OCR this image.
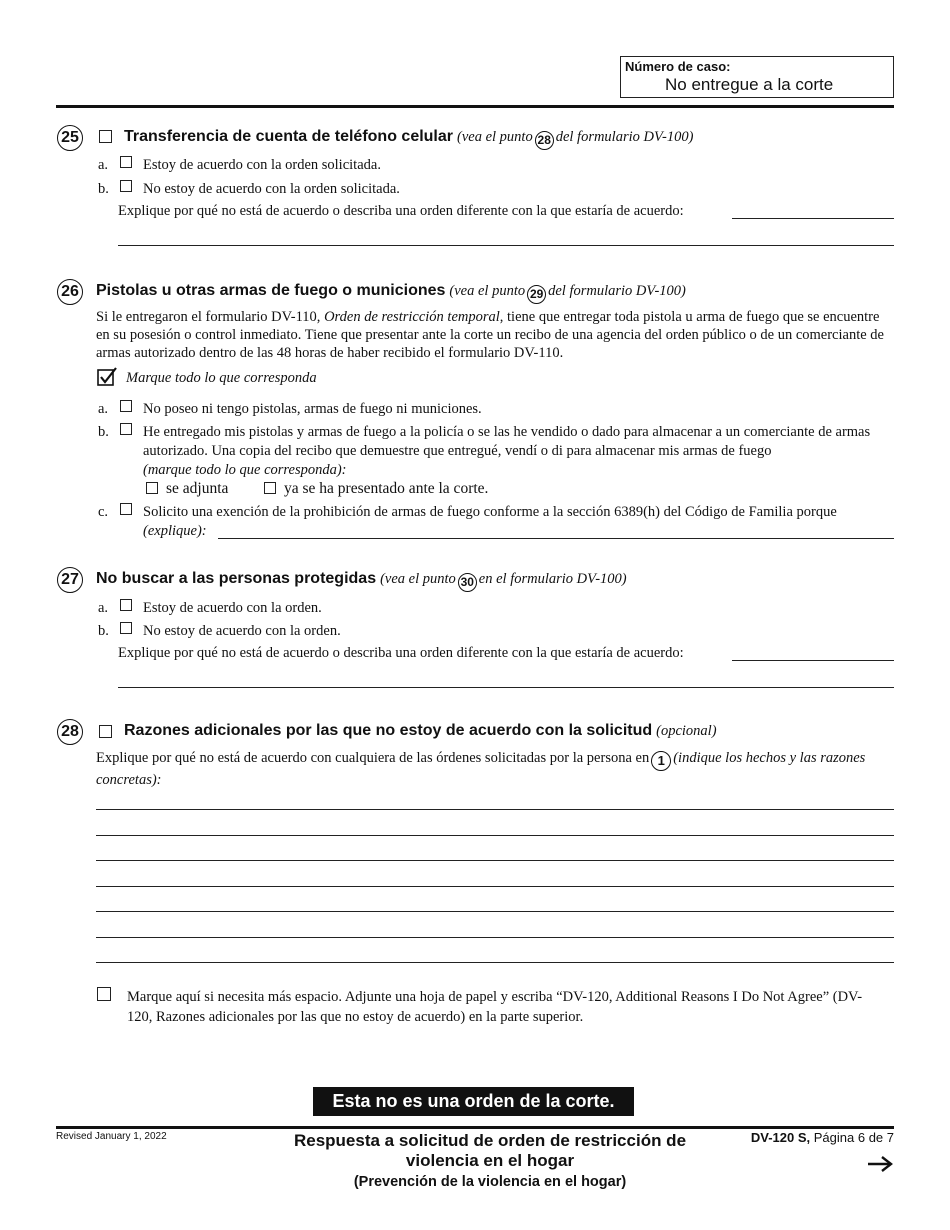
Número de caso:
No entregue a la corte
25	Transferencia de cuenta de teléfono celular (vea el punto 28 del formulario DV-100)
a. Estoy de acuerdo con la orden solicitada.
b. No estoy de acuerdo con la orden solicitada.
Explique por qué no está de acuerdo o describa una orden diferente con la que estaría de acuerdo:
26 Pistolas u otras armas de fuego o municiones (vea el punto 29 del formulario DV-100)
Si le entregaron el formulario DV-110, Orden de restricción temporal, tiene que entregar toda pistola u arma de fuego que se encuentre en su posesión o control inmediato. Tiene que presentar ante la corte un recibo de una agencia del orden público o de un comerciante de armas autorizado dentro de las 48 horas de haber recibido el formulario DV-110.
Marque todo lo que corresponda
a. No poseo ni tengo pistolas, armas de fuego ni municiones.
b. He entregado mis pistolas y armas de fuego a la policía o se las he vendido o dado para almacenar a un comerciante de armas autorizado. Una copia del recibo que demuestre que entregué, vendí o di para almacenar mis armas de fuego
(marque todo lo que corresponda):
se adjunta	ya se ha presentado ante la corte.
c. Solicito una exención de la prohibición de armas de fuego conforme a la sección 6389(h) del Código de Familia porque
(explique):
27 No buscar a las personas protegidas (vea el punto 30 en el formulario DV-100)
a. Estoy de acuerdo con la orden.
b. No estoy de acuerdo con la orden.
Explique por qué no está de acuerdo o describa una orden diferente con la que estaría de acuerdo:
28	Razones adicionales por las que no estoy de acuerdo con la solicitud (opcional)
Explique por qué no está de acuerdo con cualquiera de las órdenes solicitadas por la persona en 1 (indique los hechos y las razones concretas):
Marque aquí si necesita más espacio. Adjunte una hoja de papel y escriba “DV-120, Additional Reasons I Do Not Agree” (DV-120, Razones adicionales por las que no estoy de acuerdo) en la parte superior.
Esta no es una orden de la corte.
Revised January 1, 2022	Respuesta a solicitud de orden de restricción de
violencia en el hogar
(Prevención de la violencia en el hogar)
DV-120 S, Página 6 de 7
